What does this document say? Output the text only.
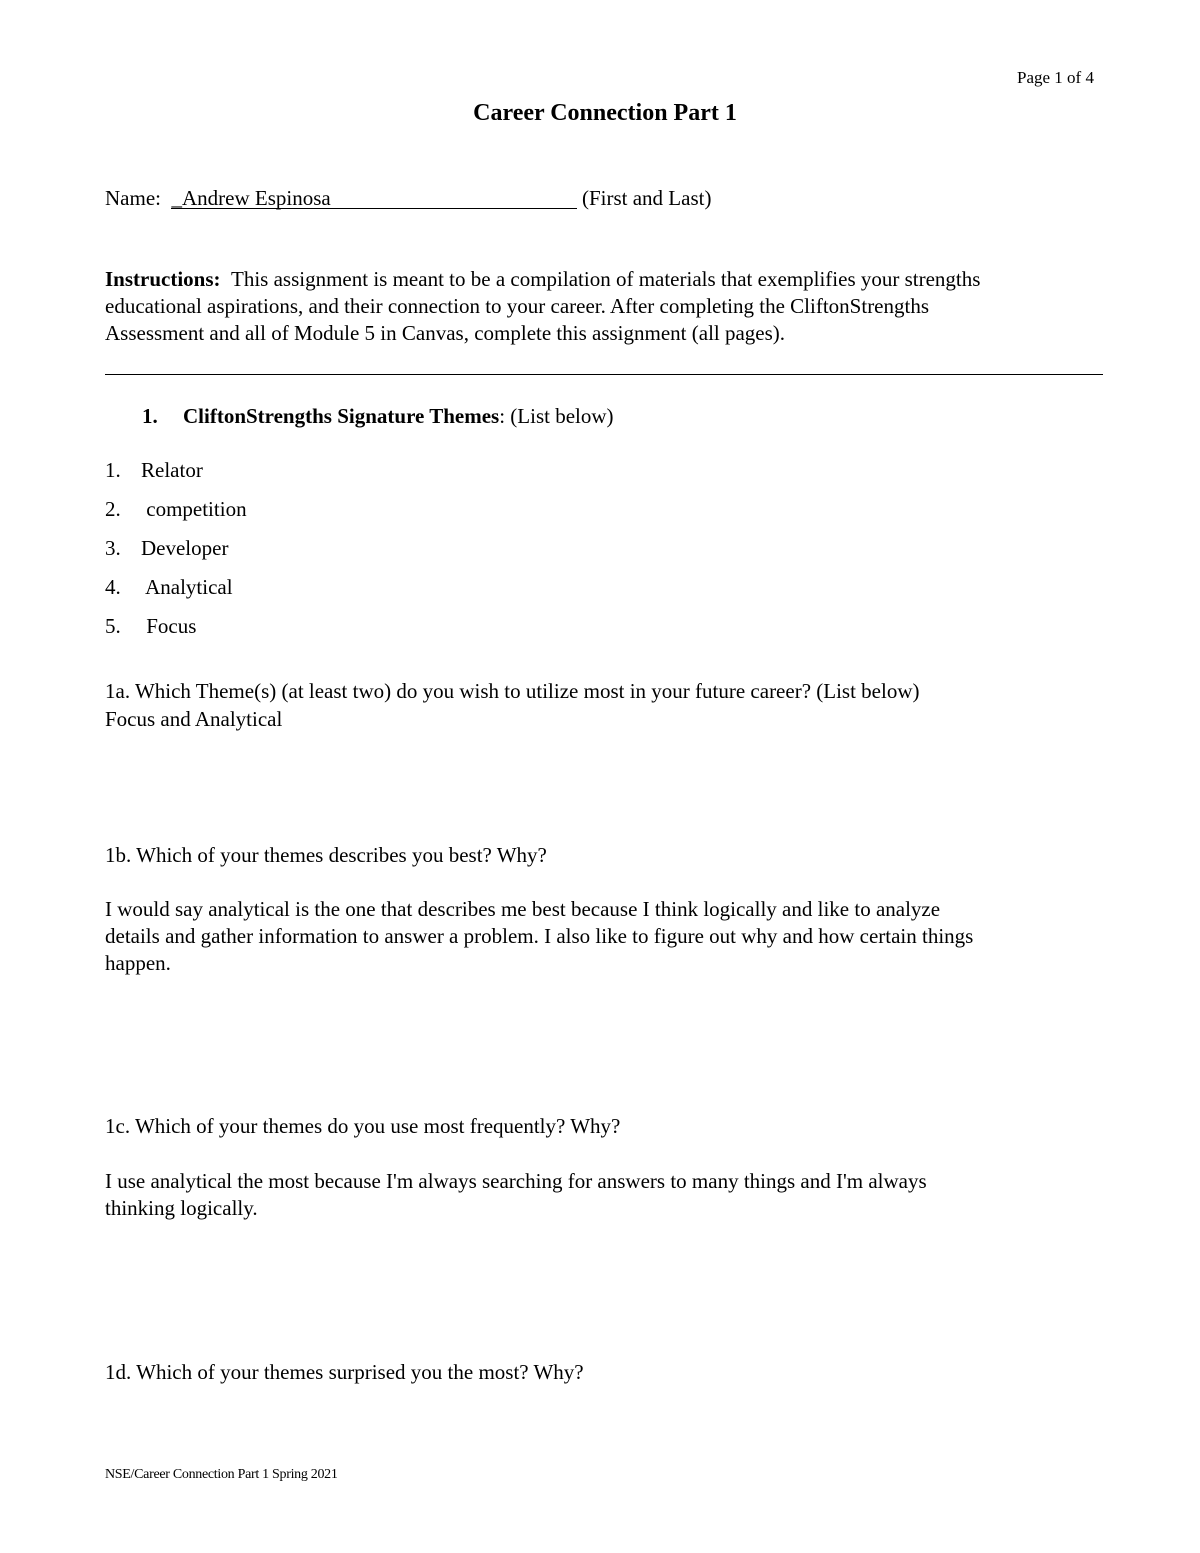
Page 1 of 4
Career Connection Part 1
Name: _Andrew Espinosa	(First and Last)
Instructions: This assignment is meant to be a compilation of materials that exemplifies your strengths
educational aspirations, and their connection to your career. After completing the CliftonStrengths
Assessment and all of Module 5 in Canvas, complete this assignment (all pages).
1. CliftonStrengths Signature Themes: (List below)
1. Relator
2. competition
3. Developer
4. Analytical
5. Focus
1a. Which Theme(s) (at least two) do you wish to utilize most in your future career? (List below)
Focus and Analytical
1b. Which of your themes describes you best? Why?
I would say analytical is the one that describes me best because I think logically and like to analyze
details and gather information to answer a problem. I also like to figure out why and how certain things
happen.
1c. Which of your themes do you use most frequently? Why?
I use analytical the most because I'm always searching for answers to many things and I'm always
thinking logically.
1d. Which of your themes surprised you the most? Why?
NSE/Career Connection Part 1 Spring 2021
